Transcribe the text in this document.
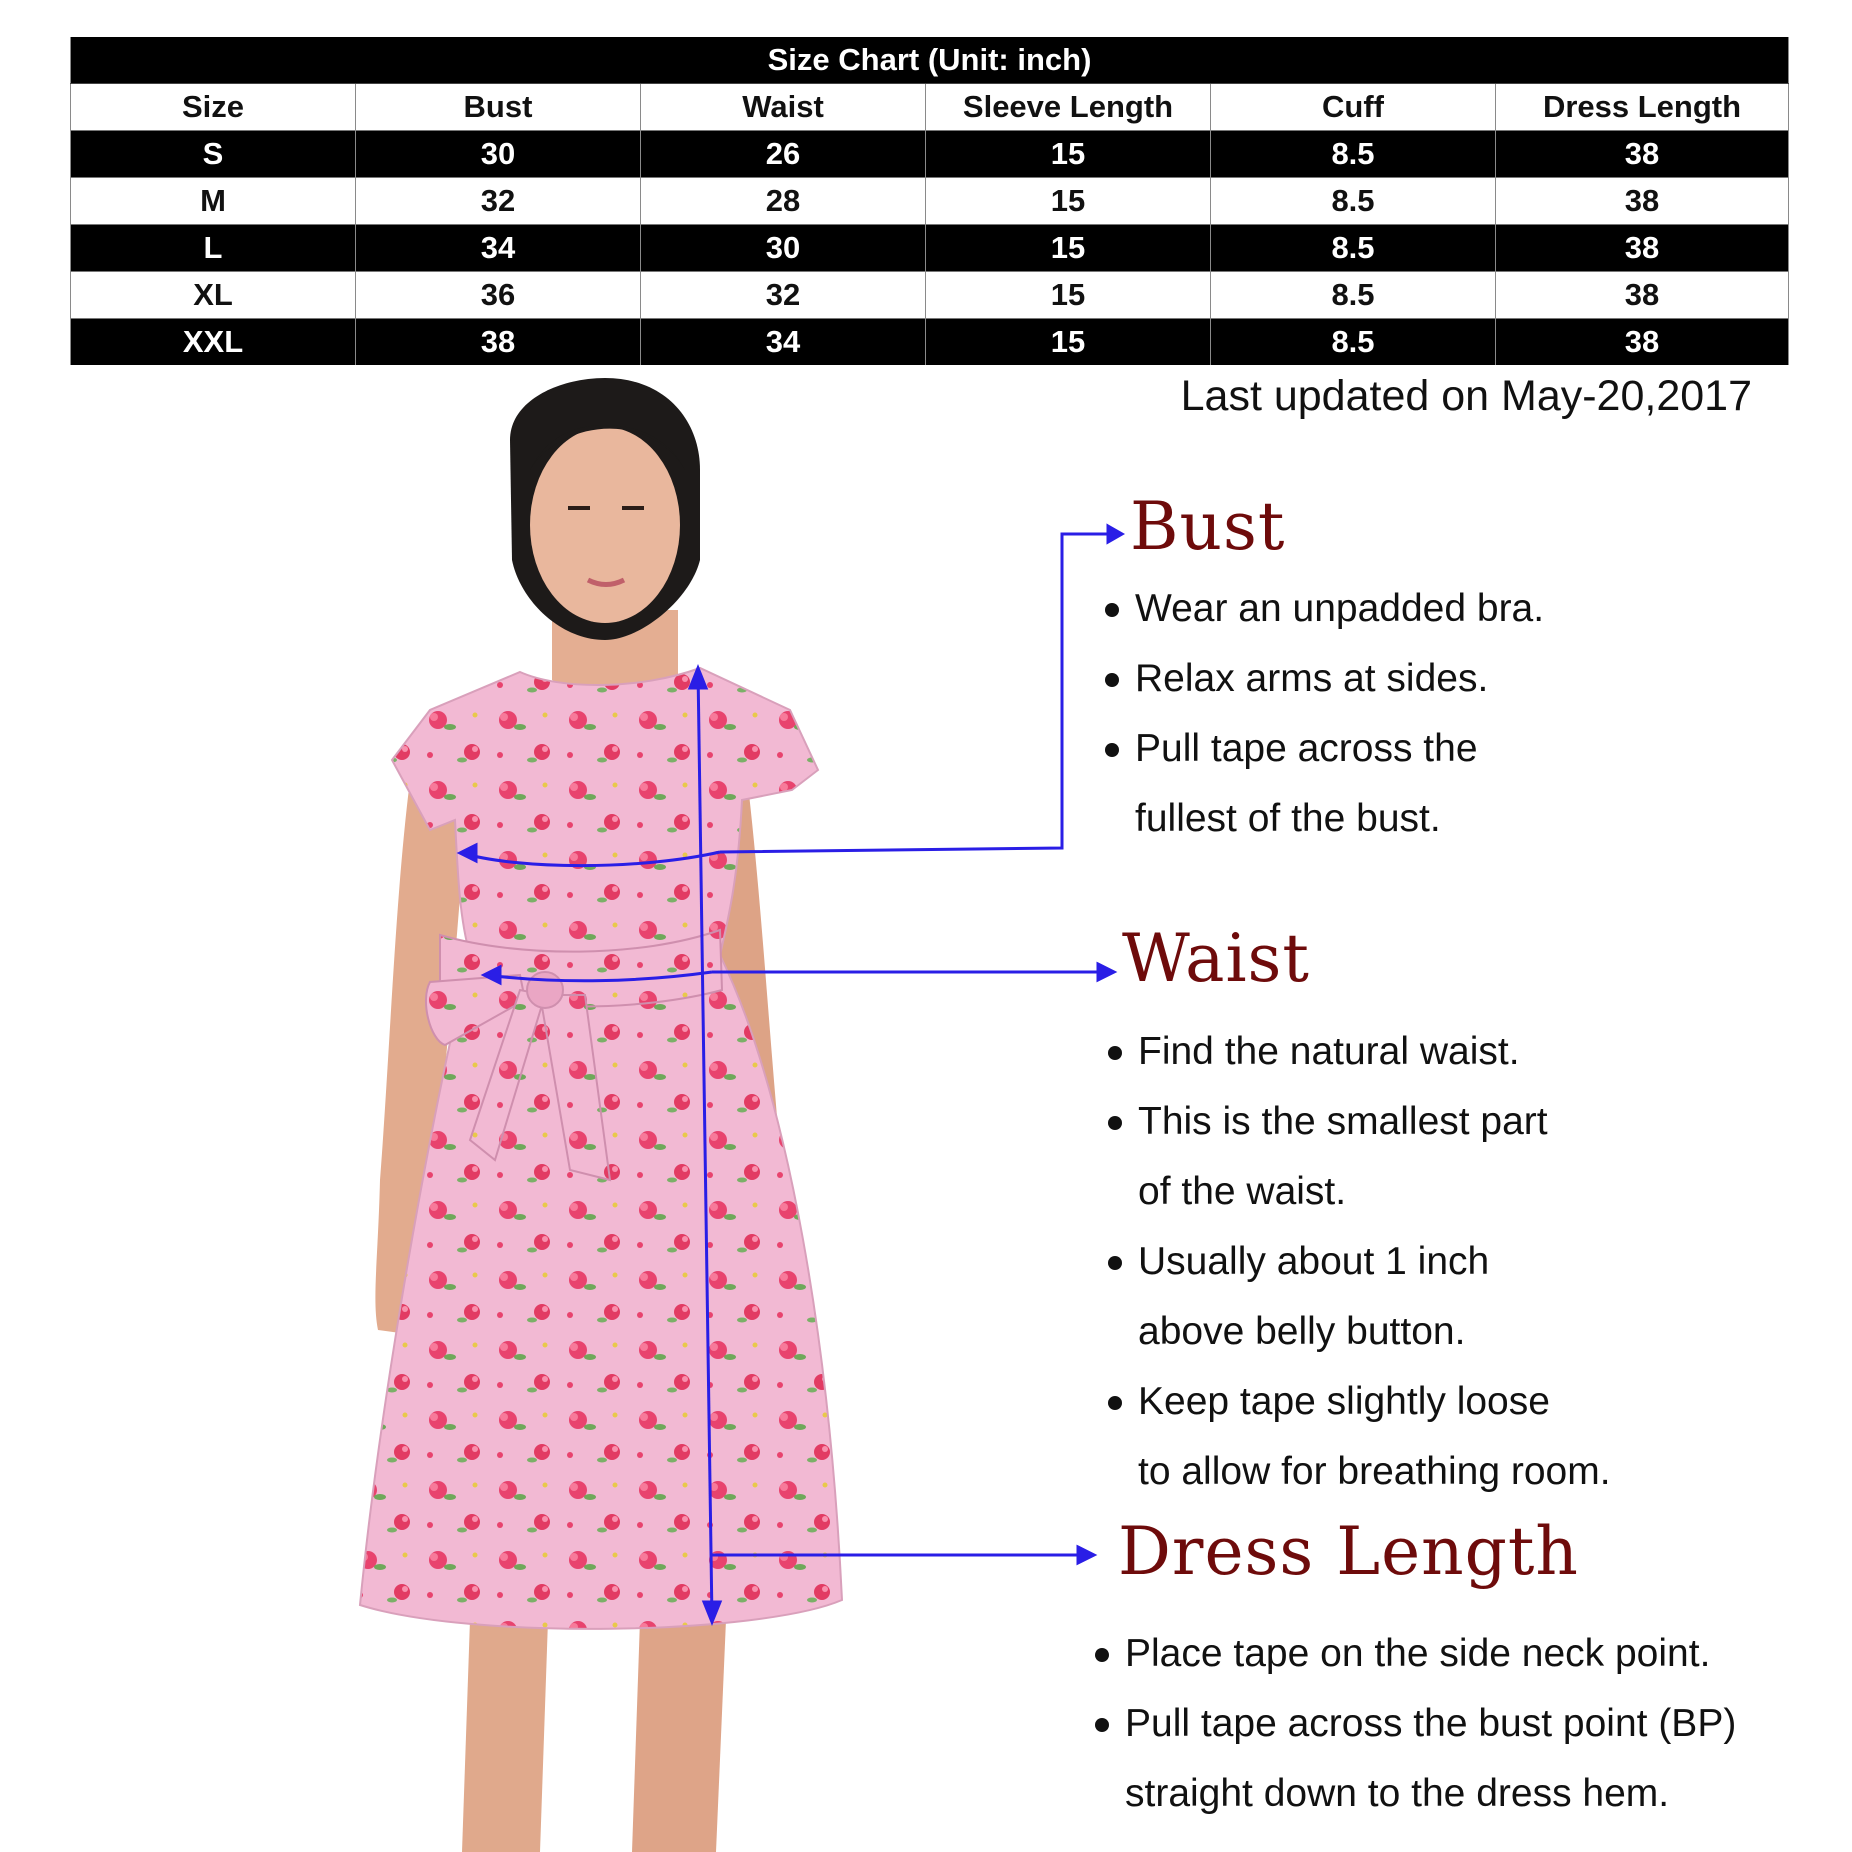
Size Chart (Unit: inch)					
Size	Bust	Waist	Sleeve Length	Cuff	Dress Length
S	30	26	15	8.5	38
M	32	28	15	8.5	38
L	34	30	15	8.5	38
XL	36	32	15	8.5	38
XXL	38	34	15	8.5	38
Last updated on May-20,2017
Bust
Wear an unpadded bra.
Relax arms at sides.
Pull tape across the
fullest of the bust.
Waist
Find the natural waist.
This is the smallest part
of the waist.
Usually about 1 inch
above belly button.
Keep tape slightly loose
to allow for breathing room.
Dress Length
Place tape on the side neck point.
Pull tape across the bust point (BP)
straight down to the dress hem.
